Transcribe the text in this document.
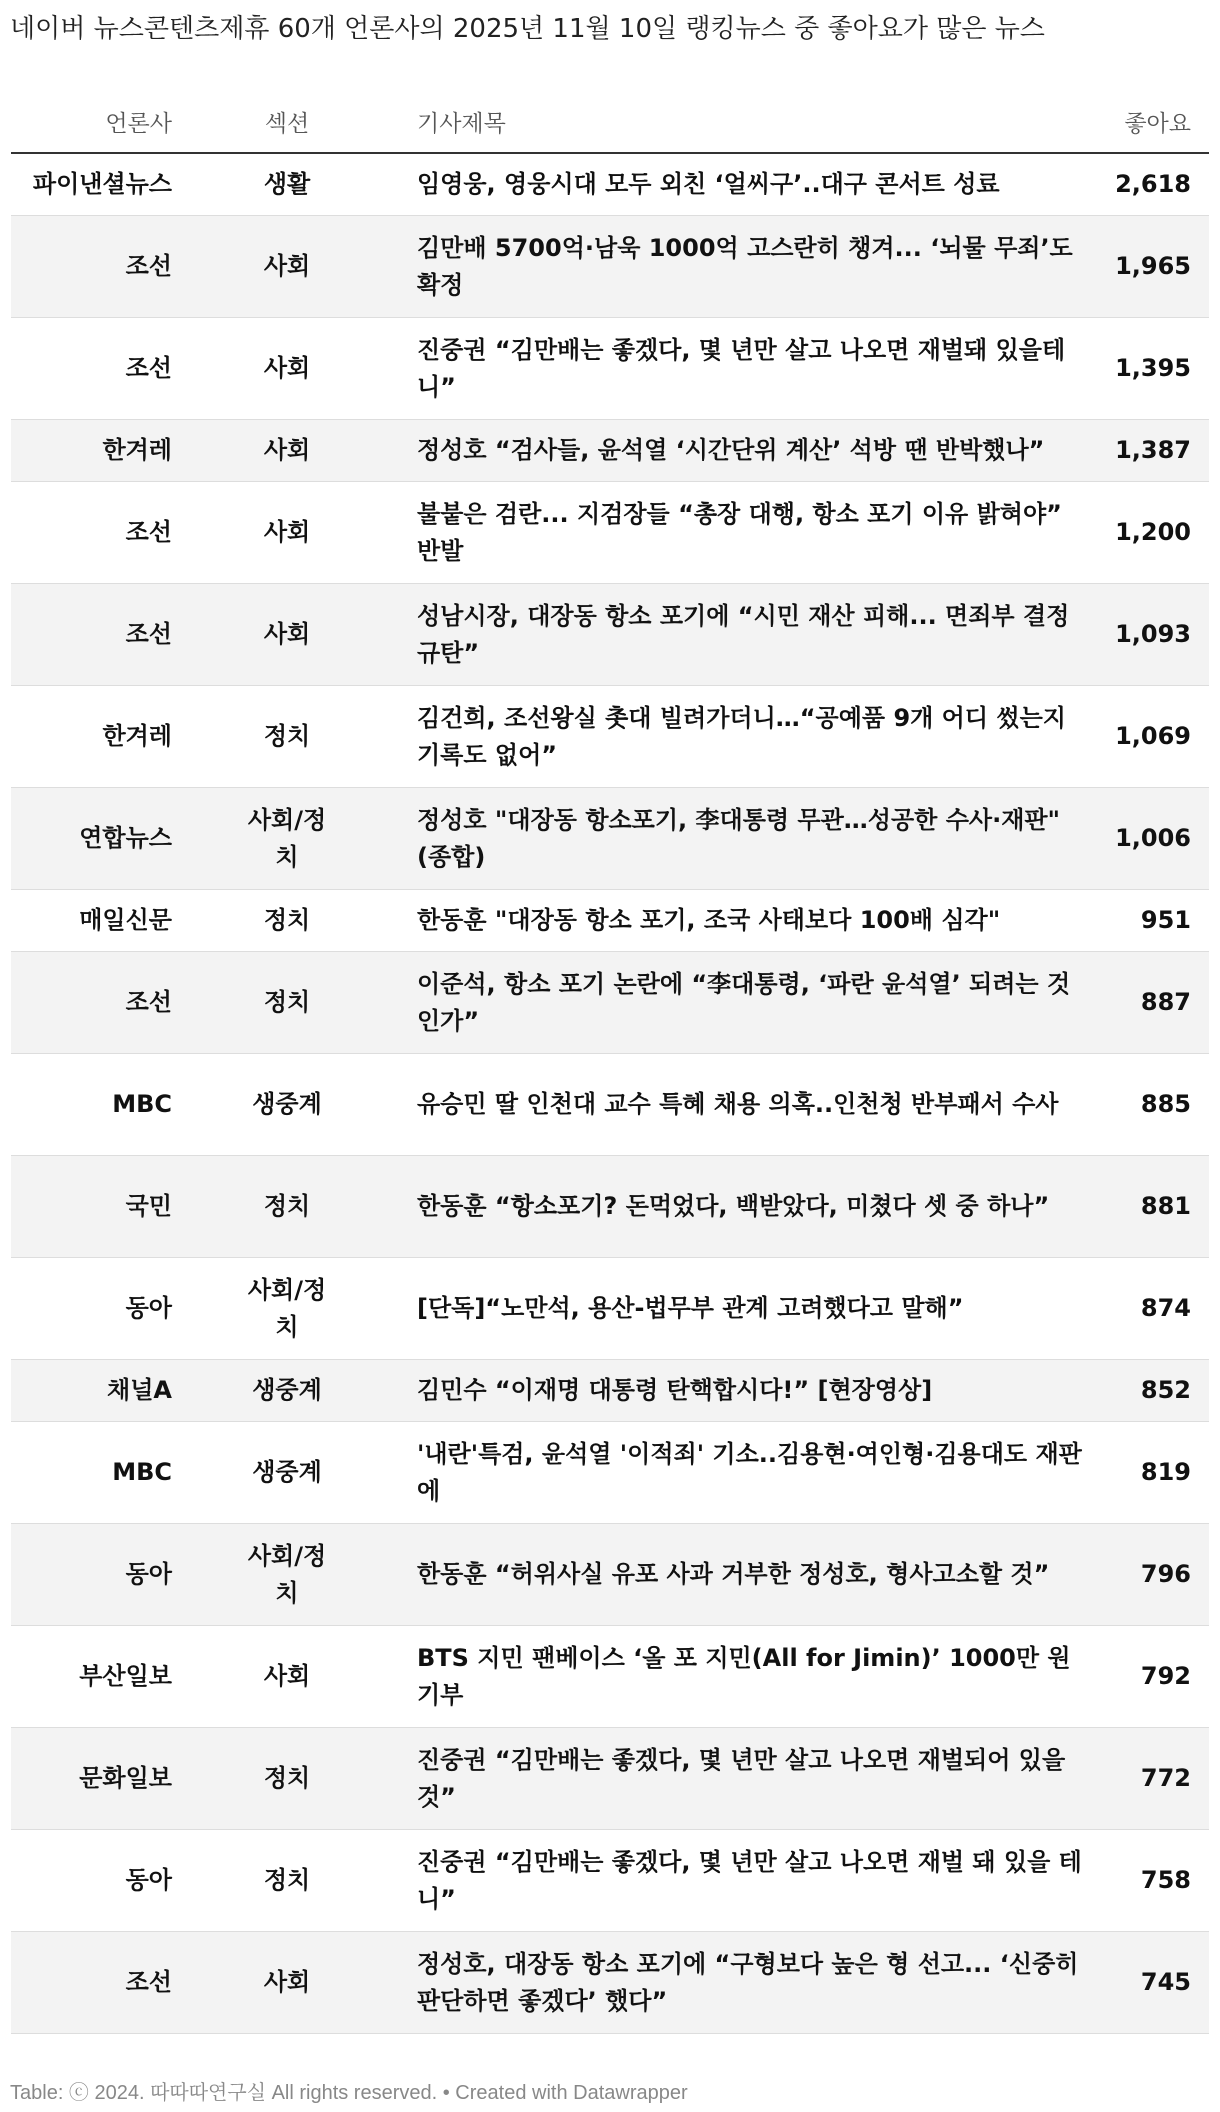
네이버 뉴스콘텐츠제휴 60개 언론사의 2025년 11월 10일 랭킹뉴스 중 좋아요가 많은 뉴스
언론사	섹션	기사제목	좋아요
파이낸셜뉴스	생활	임영웅, 영웅시대 모두 외친 ‘얼씨구’..대구 콘서트 성료	2,618
조선	사회	김만배 5700억·남욱 1000억 고스란히 챙겨... ‘뇌물 무죄’도 확정	1,965
조선	사회	진중권 “김만배는 좋겠다, 몇 년만 살고 나오면 재벌돼 있을테니”	1,395
한겨레	사회	정성호 “검사들, 윤석열 ‘시간단위 계산’ 석방 땐 반박했나”	1,387
조선	사회	불붙은 검란... 지검장들 “총장 대행, 항소 포기 이유 밝혀야” 반발	1,200
조선	사회	성남시장, 대장동 항소 포기에 “시민 재산 피해... 면죄부 결정 규탄”	1,093
한겨레	정치	김건희, 조선왕실 촛대 빌려가더니…“공예품 9개 어디 썼는지 기록도 없어”	1,069
연합뉴스	사회/정치	정성호 "대장동 항소포기, 李대통령 무관…성공한 수사·재판"(종합)	1,006
매일신문	정치	한동훈 "대장동 항소 포기, 조국 사태보다 100배 심각"	951
조선	정치	이준석, 항소 포기 논란에 “李대통령, ‘파란 윤석열’ 되려는 것인가”	887
MBC	생중계	유승민 딸 인천대 교수 특혜 채용 의혹..인천청 반부패서 수사	885
국민	정치	한동훈 “항소포기? 돈먹었다, 백받았다, 미쳤다 셋 중 하나”	881
동아	사회/정치	[단독]“노만석, 용산-법무부 관계 고려했다고 말해”	874
채널A	생중계	김민수 “이재명 대통령 탄핵합시다!” [현장영상]	852
MBC	생중계	'내란'특검, 윤석열 '이적죄' 기소..김용현·여인형·김용대도 재판에	819
동아	사회/정치	한동훈 “허위사실 유포 사과 거부한 정성호, 형사고소할 것”	796
부산일보	사회	BTS 지민 팬베이스 ‘올 포 지민(All for Jimin)’ 1000만 원 기부	792
문화일보	정치	진중권 “김만배는 좋겠다, 몇 년만 살고 나오면 재벌되어 있을 것”	772
동아	정치	진중권 “김만배는 좋겠다, 몇 년만 살고 나오면 재벌 돼 있을 테니”	758
조선	사회	정성호, 대장동 항소 포기에 “구형보다 높은 형 선고... ‘신중히 판단하면 좋겠다’ 했다”	745
Table: ⓒ 2024. 따따따연구실 All rights reserved. • Created with Datawrapper
